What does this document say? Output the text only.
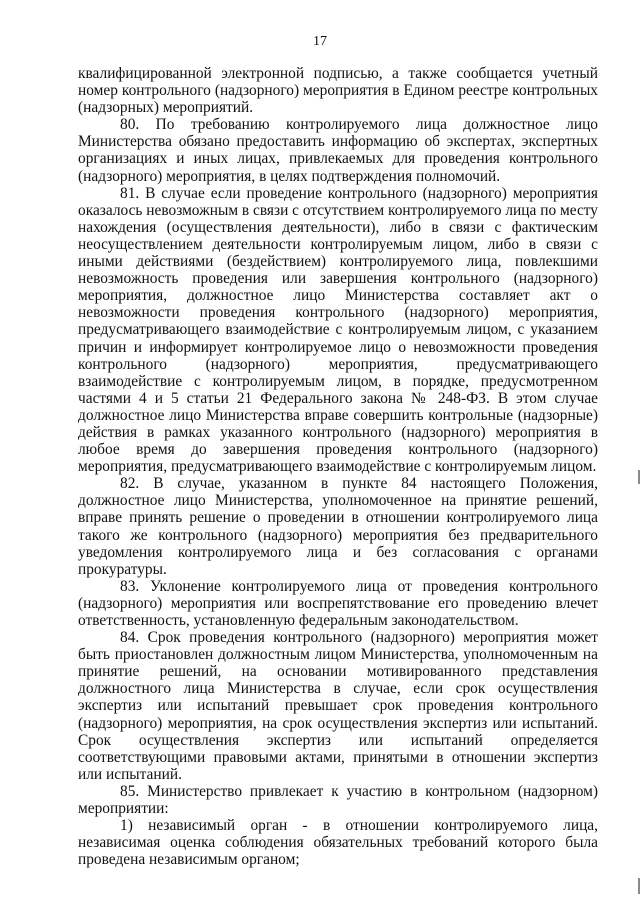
17

квалифицированной электронной подписью, а также сообщается учетный номер контрольного (надзорного) мероприятия в Едином реестре контрольных (надзорных) мероприятий.

80. По требованию контролируемого лица должностное лицо Министерства обязано предоставить информацию об экспертах, экспертных организациях и иных лицах, привлекаемых для проведения контрольного (надзорного) мероприятия, в целях подтверждения полномочий.

81. В случае если проведение контрольного (надзорного) мероприятия оказалось невозможным в связи с отсутствием контролируемого лица по месту нахождения (осуществления деятельности), либо в связи с фактическим неосуществлением деятельности контролируемым лицом, либо в связи с иными действиями (бездействием) контролируемого лица, повлекшими невозможность проведения или завершения контрольного (надзорного) мероприятия, должностное лицо Министерства составляет акт о невозможности проведения контрольного (надзорного) мероприятия, предусматривающего взаимодействие с контролируемым лицом, с указанием причин и информирует контролируемое лицо о невозможности проведения контрольного (надзорного) мероприятия, предусматривающего взаимодействие с контролируемым лицом, в порядке, предусмотренном частями 4 и 5 статьи 21 Федерального закона № 248-ФЗ. В этом случае должностное лицо Министерства вправе совершить контрольные (надзорные) действия в рамках указанного контрольного (надзорного) мероприятия в любое время до завершения проведения контрольного (надзорного) мероприятия, предусматривающего взаимодействие с контролируемым лицом.

82. В случае, указанном в пункте 84 настоящего Положения, должностное лицо Министерства, уполномоченное на принятие решений, вправе принять решение о проведении в отношении контролируемого лица такого же контрольного (надзорного) мероприятия без предварительного уведомления контролируемого лица и без согласования с органами прокуратуры.

83. Уклонение контролируемого лица от проведения контрольного (надзорного) мероприятия или воспрепятствование его проведению влечет ответственность, установленную федеральным законодательством.

84. Срок проведения контрольного (надзорного) мероприятия может быть приостановлен должностным лицом Министерства, уполномоченным на принятие решений, на основании мотивированного представления должностного лица Министерства в случае, если срок осуществления экспертиз или испытаний превышает срок проведения контрольного (надзорного) мероприятия, на срок осуществления экспертиз или испытаний. Срок осуществления экспертиз или испытаний определяется соответствующими правовыми актами, принятыми в отношении экспертиз или испытаний.

85. Министерство привлекает к участию в контрольном (надзорном) мероприятии:

1) независимый орган - в отношении контролируемого лица, независимая оценка соблюдения обязательных требований которого была проведена независимым органом;
